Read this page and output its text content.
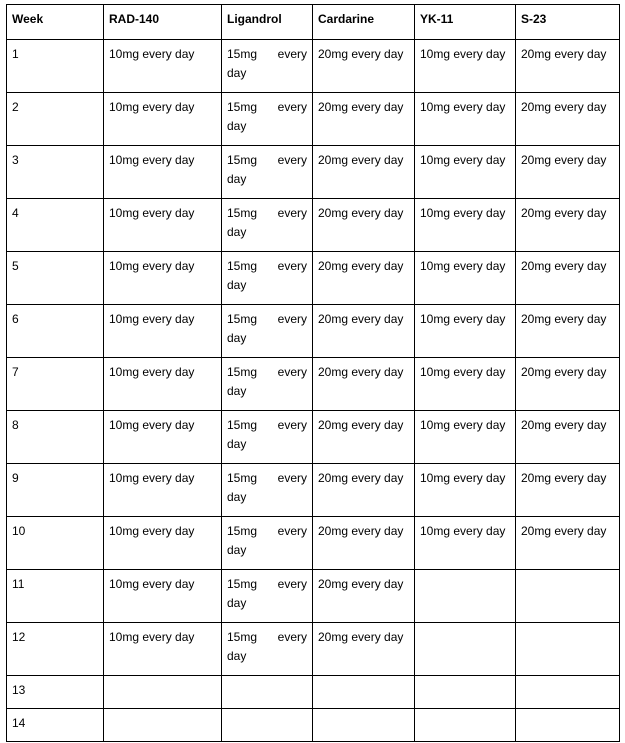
Week	RAD-140	Ligandrol	Cardarine	YK-11	S-23
1	10mg every day	15mg every
day	20mg every day	10mg every day	20mg every day
2	10mg every day	15mg every
day	20mg every day	10mg every day	20mg every day
3	10mg every day	15mg every
day	20mg every day	10mg every day	20mg every day
4	10mg every day	15mg every
day	20mg every day	10mg every day	20mg every day
5	10mg every day	15mg every
day	20mg every day	10mg every day	20mg every day
6	10mg every day	15mg every
day	20mg every day	10mg every day	20mg every day
7	10mg every day	15mg every
day	20mg every day	10mg every day	20mg every day
8	10mg every day	15mg every
day	20mg every day	10mg every day	20mg every day
9	10mg every day	15mg every
day	20mg every day	10mg every day	20mg every day
10	10mg every day	15mg every
day	20mg every day	10mg every day	20mg every day
11	10mg every day	15mg every
day	20mg every day		
12	10mg every day	15mg every
day	20mg every day		
13		

14		
